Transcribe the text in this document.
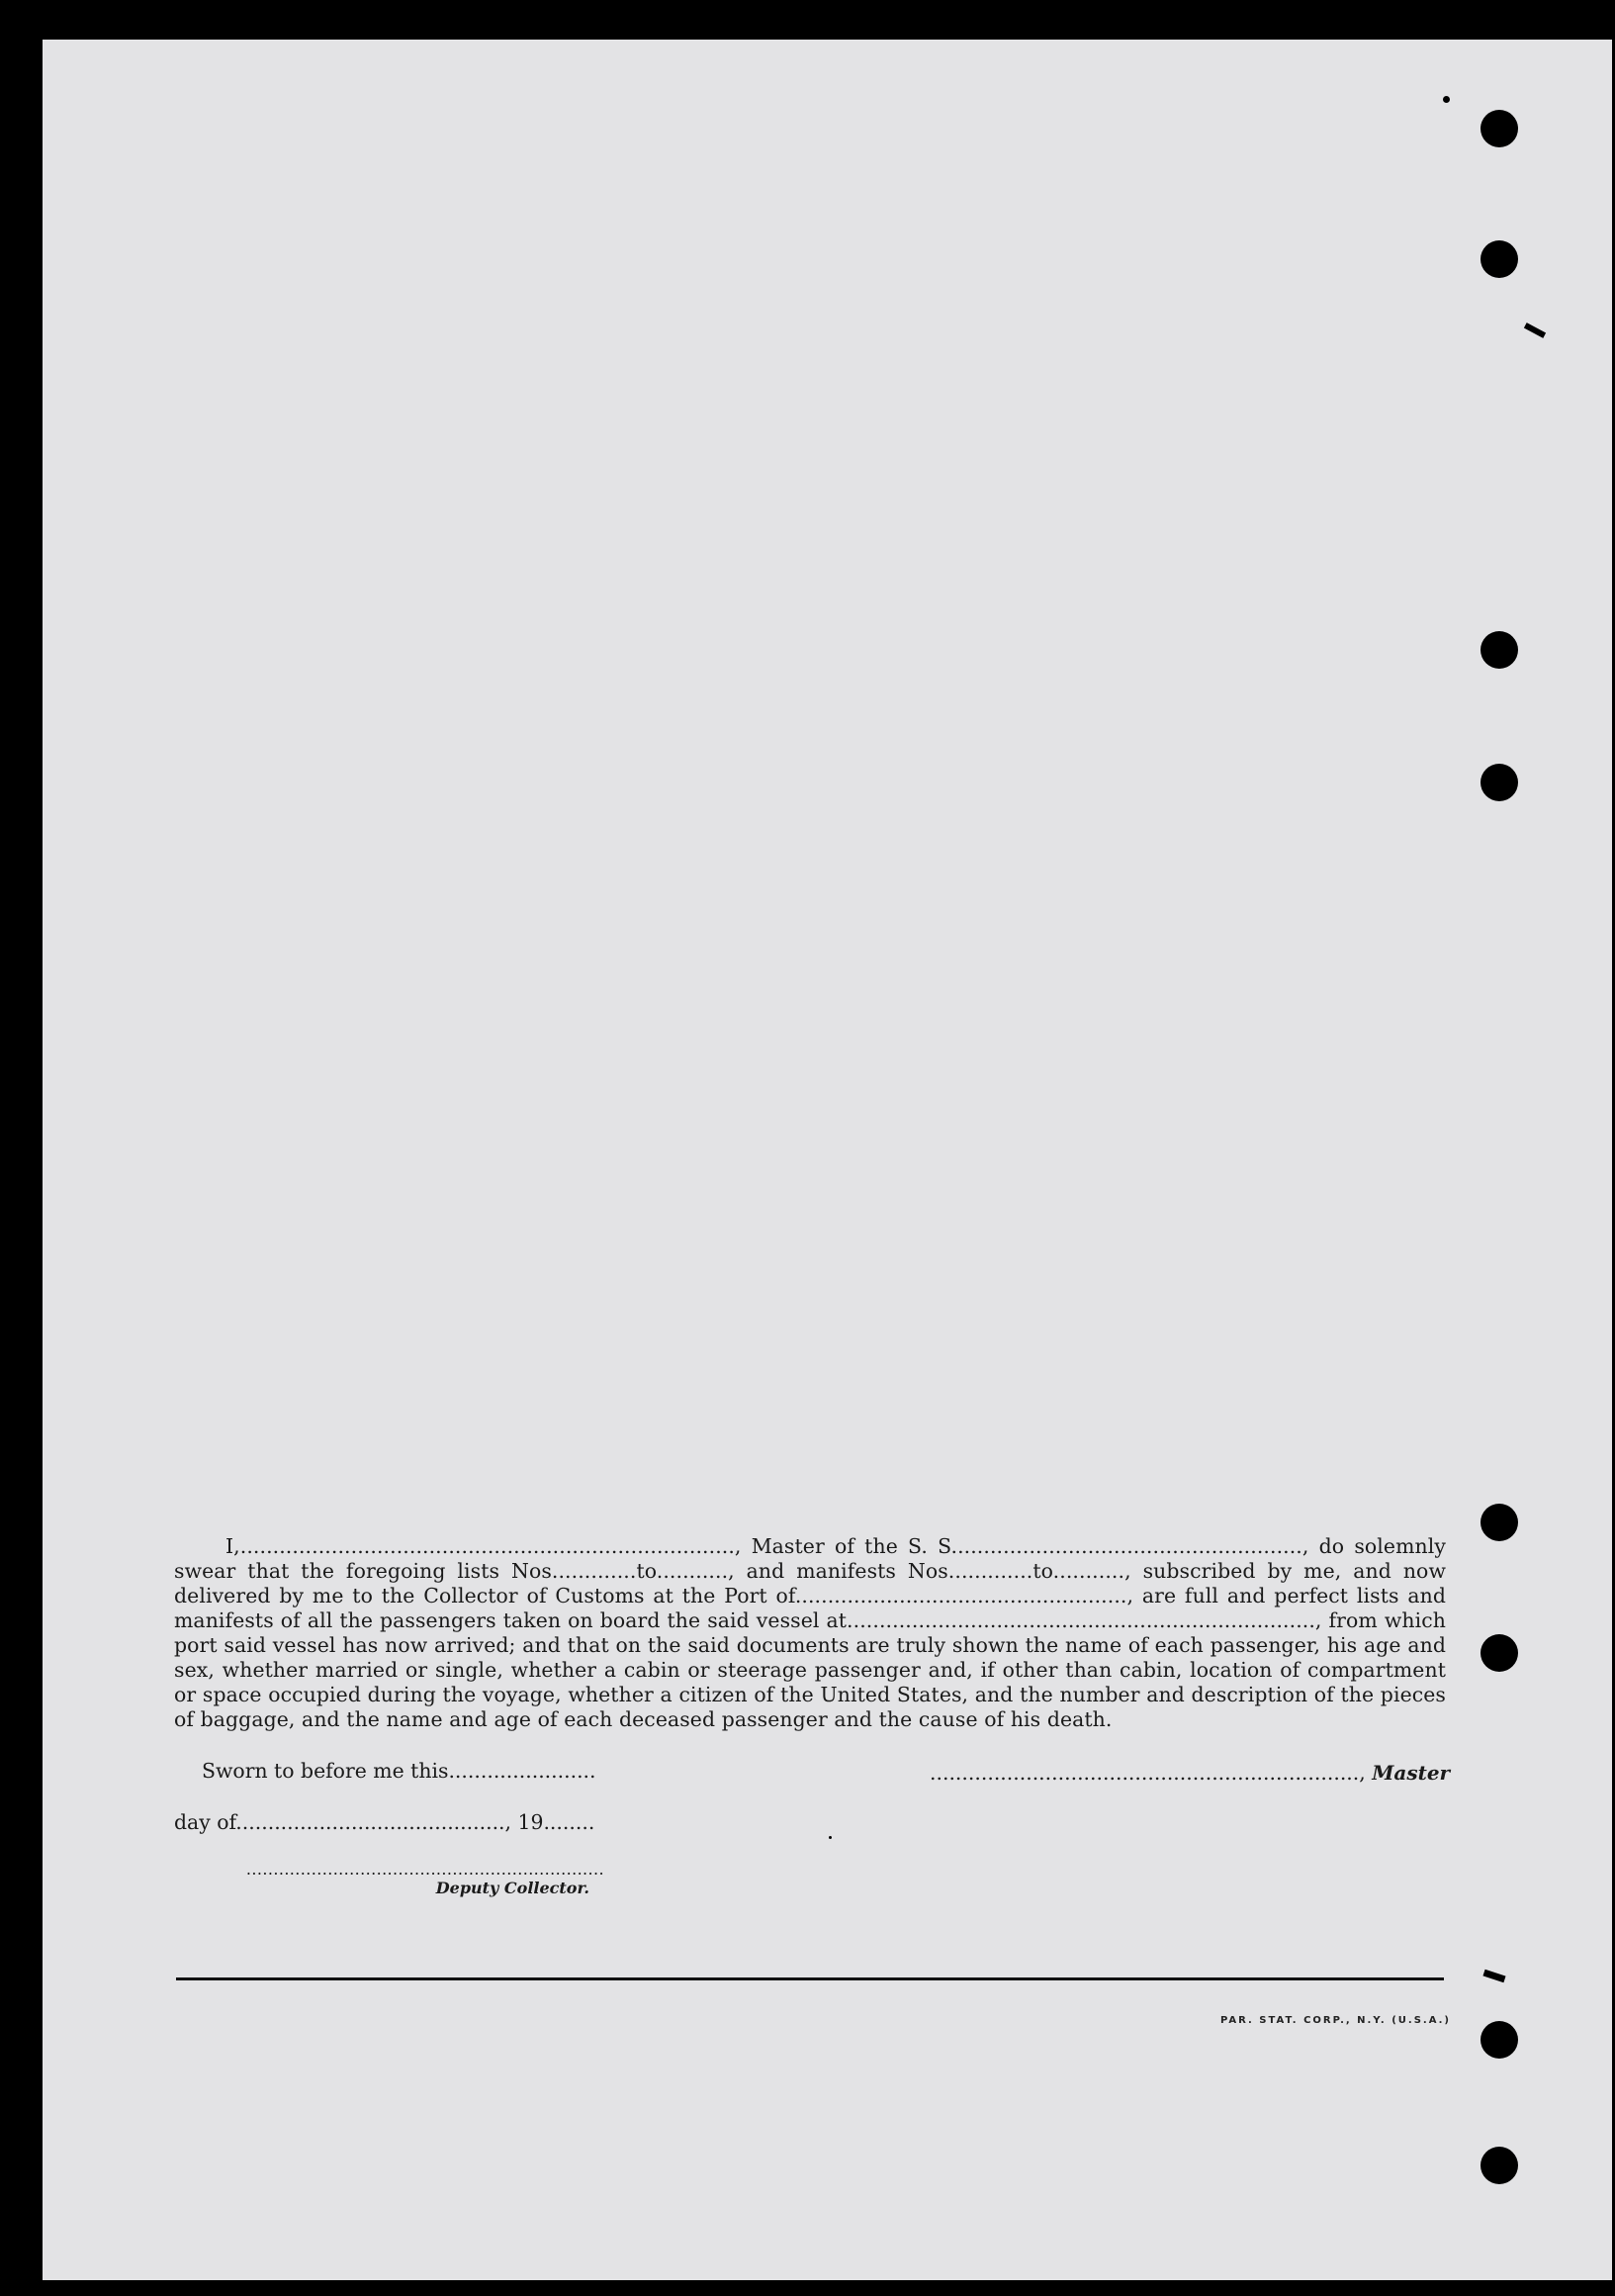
I,............................................................................, Master of the S. S......................................................, do solemnly swear that the foregoing lists Nos.............to..........., and manifests Nos.............to..........., subscribed by me, and now delivered by me to the Collector of Customs at the Port of..................................................., are full and perfect lists and manifests of all the passengers taken on board the said vessel at........................................................................, from which port said vessel has now arrived; and that on the said documents are truly shown the name of each passenger, his age and sex, whether married or single, whether a cabin or steerage passenger and, if other than cabin, location of compartment or space occupied during the voyage, whether a citizen of the United States, and the number and description of the pieces of baggage, and the name and age of each deceased passenger and the cause of his death.

Sworn to before me this.......................
day of.........................................., 19........
..................................................................., Master
..................................................................
Deputy Collector.
PAR. STAT. CORP., N.Y. (U.S.A.)
